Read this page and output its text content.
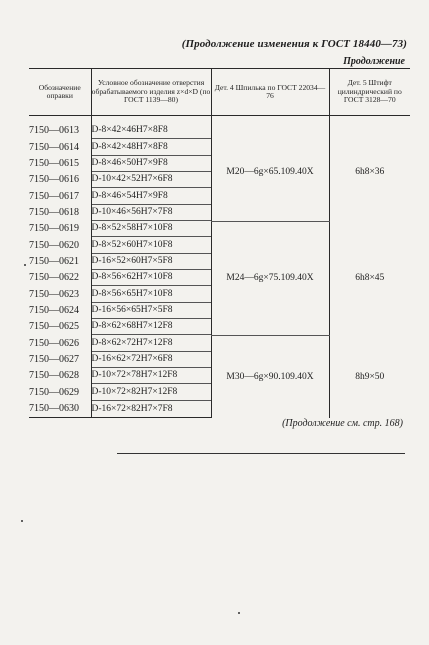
(Продолжение изменения к ГОСТ 18440—73)
Продолжение
Обозначение оправки	Условное обозначение отверстия обрабатываемого изделия z×d×D (по ГОСТ 1139—80)	Дет. 4 Шпилька по ГОСТ 22034—76	Дет. 5 Штифт цилиндрический по ГОСТ 3128—70

7150—0613	D-8×42×46H7×8F8	M20—6g×65.109.40X	6h8×36
7150—0614	D-8×42×48H7×8F8		

7150—0615	D-8×46×50H7×9F8		

7150—0616	D-10×42×52H7×6F8		

7150—0617	D-8×46×54H7×9F8		

7150—0618	D-10×46×56H7×7F8		

7150—0619	D-8×52×58H7×10F8	M24—6g×75.109.40X	6h8×45
7150—0620	D-8×52×60H7×10F8		

7150—0621	D-16×52×60H7×5F8		

7150—0622	D-8×56×62H7×10F8		

7150—0623	D-8×56×65H7×10F8		

7150—0624	D-16×56×65H7×5F8		

7150—0625	D-8×62×68H7×12F8		

7150—0626	D-8×62×72H7×12F8	M30—6g×90.109.40X	8h9×50
7150—0627	D-16×62×72H7×6F8		

7150—0628	D-10×72×78H7×12F8		

7150—0629	D-10×72×82H7×12F8		

7150—0630	D-16×72×82H7×7F8		
(Продолжение см. стр. 168)
